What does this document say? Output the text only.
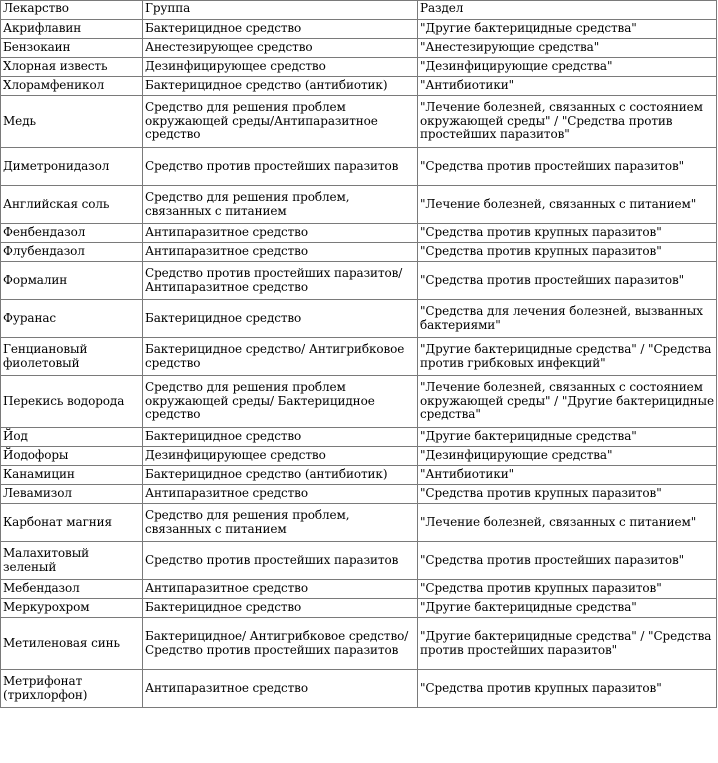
Лекарство	Группа	Раздел
Акрифлавин	Бактерицидное средство	"Другие бактерицидные средства"
Бензокаин	Анестезирующее средство	"Анестезирующие средства"
Хлорная известь	Дезинфицирующее средство	"Дезинфицирующие средства"
Хлорамфеникол	Бактерицидное средство (антибиотик)	"Антибиотики"
Медь	Средство для решения проблем окружающей среды/Антипаразитное средство	"Лечение болезней, связанных с состоянием окружающей среды" / "Средства против простейших паразитов"
Диметронидазол	Средство против простейших паразитов	"Средства против простейших паразитов"
Английская соль	Средство для решения проблем, связанных с питанием	"Лечение болезней, связанных с питанием"
Фенбендазол	Антипаразитное средство	"Средства против крупных паразитов"
Флубендазол	Антипаразитное средство	"Средства против крупных паразитов"
Формалин	Средство против простейших паразитов/ Антипаразитное средство	"Средства против простейших паразитов"
Фуранас	Бактерицидное средство	"Средства для лечения болезней, вызванных бактериями"
Генциановый фиолетовый	Бактерицидное средство/ Антигрибковое средство	"Другие бактерицидные средства" / "Средства против грибковых инфекций"
Перекись водорода	Средство для решения проблем окружающей среды/ Бактерицидное средство	"Лечение болезней, связанных с состоянием окружающей среды" / "Другие бактерицидные средства"
Йод	Бактерицидное средство	"Другие бактерицидные средства"
Йодофоры	Дезинфицирующее средство	"Дезинфицирующие средства"
Канамицин	Бактерицидное средство (антибиотик)	"Антибиотики"
Левамизол	Антипаразитное средство	"Средства против крупных паразитов"
Карбонат магния	Средство для решения проблем, связанных с питанием	"Лечение болезней, связанных с питанием"
Малахитовый зеленый	Средство против простейших паразитов	"Средства против простейших паразитов"
Мебендазол	Антипаразитное средство	"Средства против крупных паразитов"
Меркурохром	Бактерицидное средство	"Другие бактерицидные средства"
Метиленовая синь	Бактерицидное/ Антигрибковое средство/ Средство против простейших паразитов	"Другие бактерицидные средства" / "Средства против простейших паразитов"
Метрифонат (трихлорфон)	Антипаразитное средство	"Средства против крупных паразитов"
